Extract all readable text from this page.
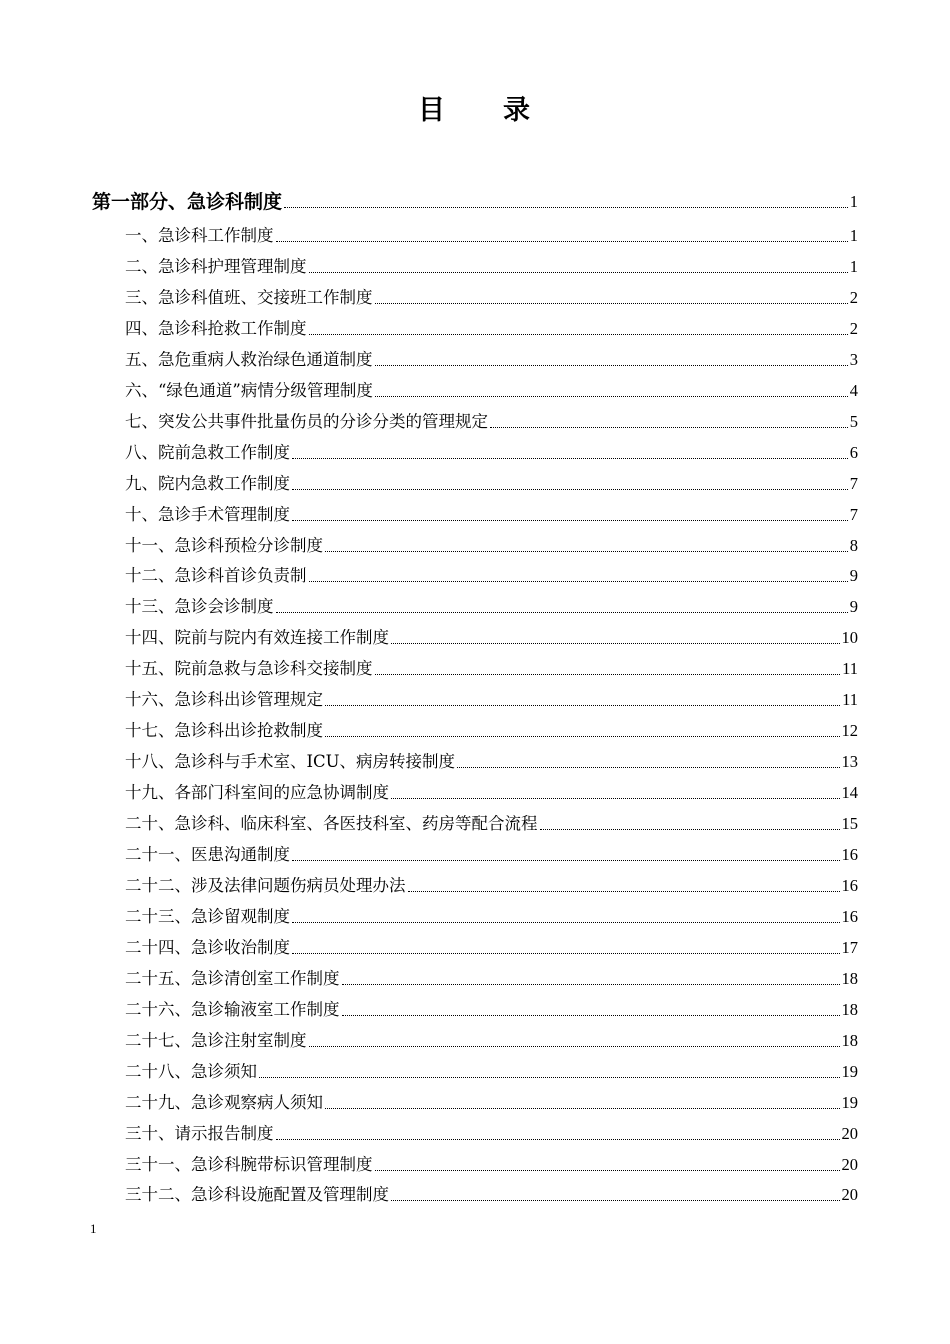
目 录
第一部分、急诊科制度	1
一、急诊科工作制度	1
二、急诊科护理管理制度	1
三、急诊科值班、交接班工作制度	2
四、急诊科抢救工作制度	2
五、急危重病人救治绿色通道制度	3
六、“绿色通道”病情分级管理制度	4
七、突发公共事件批量伤员的分诊分类的管理规定	5
八、院前急救工作制度	6
九、院内急救工作制度	7
十、急诊手术管理制度	7
十一、急诊科预检分诊制度	8
十二、急诊科首诊负责制	9
十三、急诊会诊制度	9
十四、院前与院内有效连接工作制度	10
十五、院前急救与急诊科交接制度	11
十六、急诊科出诊管理规定	11
十七、急诊科出诊抢救制度	12
十八、急诊科与手术室、ICU、病房转接制度	13
十九、各部门科室间的应急协调制度	14
二十、急诊科、临床科室、各医技科室、药房等配合流程	15
二十一、医患沟通制度	16
二十二、涉及法律问题伤病员处理办法	16
二十三、急诊留观制度	16
二十四、急诊收治制度	17
二十五、急诊清创室工作制度	18
二十六、急诊输液室工作制度	18
二十七、急诊注射室制度	18
二十八、急诊须知	19
二十九、急诊观察病人须知	19
三十、请示报告制度	20
三十一、急诊科腕带标识管理制度	20
三十二、急诊科设施配置及管理制度	20
1
